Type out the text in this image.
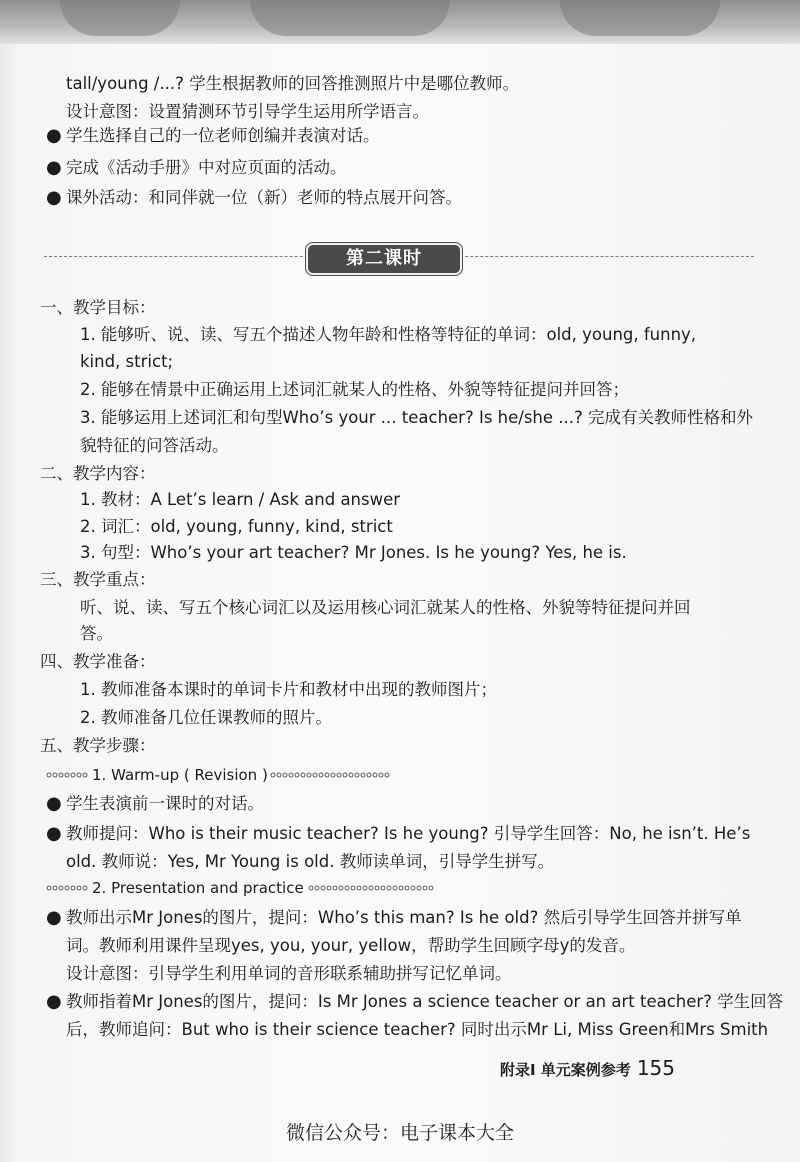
tall/young /...? 学生根据教师的回答推测照片中是哪位教师。
设计意图：设置猜测环节引导学生运用所学语言。
● 学生选择自己的一位老师创编并表演对话。
● 完成《活动手册》中对应页面的活动。
● 课外活动：和同伴就一位（新）老师的特点展开问答。
第二课时
一、教学目标：
1. 能够听、说、读、写五个描述人物年龄和性格等特征的单词：old, young, funny,
kind, strict;
2. 能够在情景中正确运用上述词汇就某人的性格、外貌等特征提问并回答；
3. 能够运用上述词汇和句型Who’s your ... teacher? Is he/she ...? 完成有关教师性格和外
貌特征的问答活动。
二、教学内容：
1. 教材：A Let’s learn / Ask and answer
2. 词汇：old, young, funny, kind, strict
3. 句型：Who’s your art teacher? Mr Jones. Is he young? Yes, he is.
三、教学重点：
听、说、读、写五个核心词汇以及运用核心词汇就某人的性格、外貌等特征提问并回
答。
四、教学准备：
1. 教师准备本课时的单词卡片和教材中出现的教师图片；
2. 教师准备几位任课教师的照片。
五、教学步骤：
1. Warm-up ( Revision )
● 学生表演前一课时的对话。
● 教师提问：Who is their music teacher? Is he young? 引导学生回答：No, he isn’t. He’s
old. 教师说：Yes, Mr Young is old. 教师读单词，引导学生拼写。
2. Presentation and practice
● 教师出示Mr Jones的图片，提问：Who’s this man? Is he old? 然后引导学生回答并拼写单
词。教师利用课件呈现yes, you, your, yellow，帮助学生回顾字母y的发音。
设计意图：引导学生利用单词的音形联系辅助拼写记忆单词。
● 教师指着Mr Jones的图片，提问：Is Mr Jones a science teacher or an art teacher? 学生回答
后，教师追问：But who is their science teacher? 同时出示Mr Li, Miss Green和Mrs Smith
附录Ⅰ 单元案例参考 155
微信公众号：电子课本大全
